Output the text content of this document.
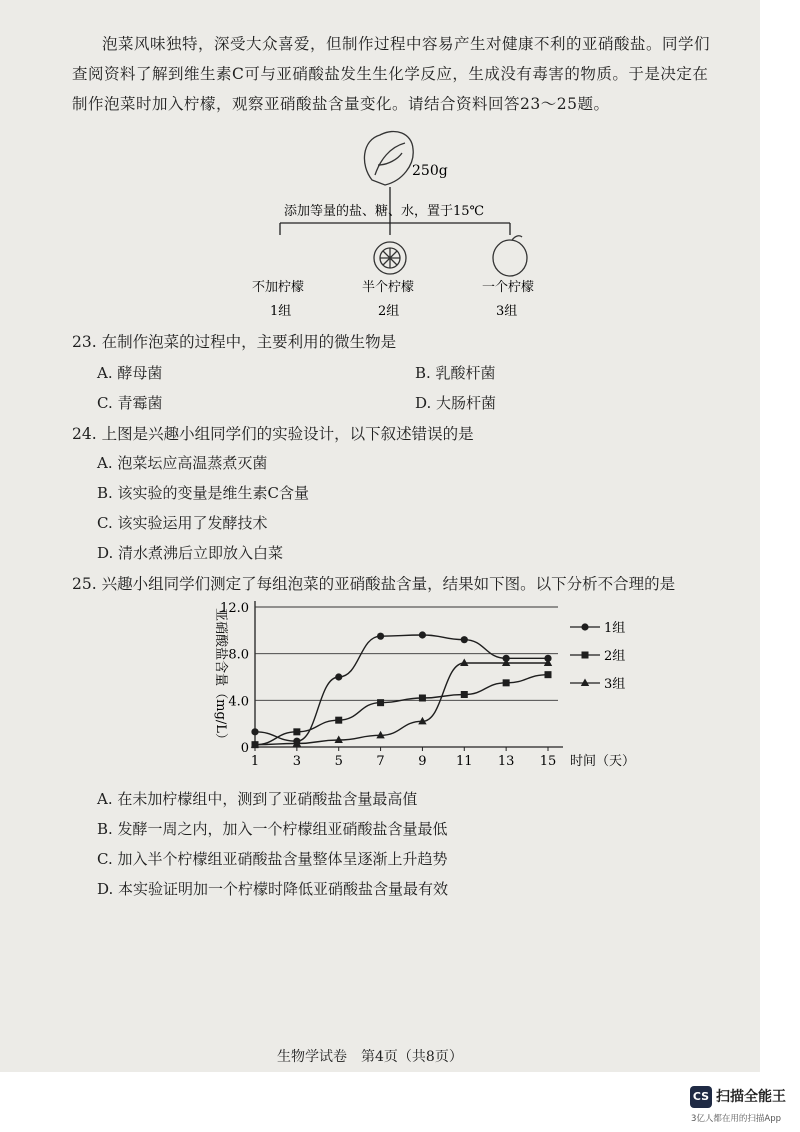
泡菜风味独特，深受大众喜爱，但制作过程中容易产生对健康不利的亚硝酸盐。同学们
查阅资料了解到维生素C可与亚硝酸盐发生生化学反应，生成没有毒害的物质。于是决定在
制作泡菜时加入柠檬，观察亚硝酸盐含量变化。请结合资料回答23～25题。
250g
添加等量的盐、糖、水，置于15℃
不加柠檬	半个柠檬	一个柠檬
1组	2组	3组
23. 在制作泡菜的过程中，主要利用的微生物是
A. 酵母菌	B. 乳酸杆菌
C. 青霉菌	D. 大肠杆菌
24. 上图是兴趣小组同学们的实验设计，以下叙述错误的是
A. 泡菜坛应高温蒸煮灭菌
B. 该实验的变量是维生素C含量
C. 该实验运用了发酵技术
D. 清水煮沸后立即放入白菜
25. 兴趣小组同学们测定了每组泡菜的亚硝酸盐含量，结果如下图。以下分析不合理的是
0
4.0
8.0
12.0
1	3	5	7	9 11 13 15 时间（天）
亚硝酸盐含量（mg/L）	1组
2组
3组
A. 在未加柠檬组中，测到了亚硝酸盐含量最高值
B. 发酵一周之内，加入一个柠檬组亚硝酸盐含量最低
C. 加入半个柠檬组亚硝酸盐含量整体呈逐渐上升趋势
D. 本实验证明加一个柠檬时降低亚硝酸盐含量最有效
生物学试卷　第4页（共8页）
CS 扫描全能王
3亿人都在用的扫描App
